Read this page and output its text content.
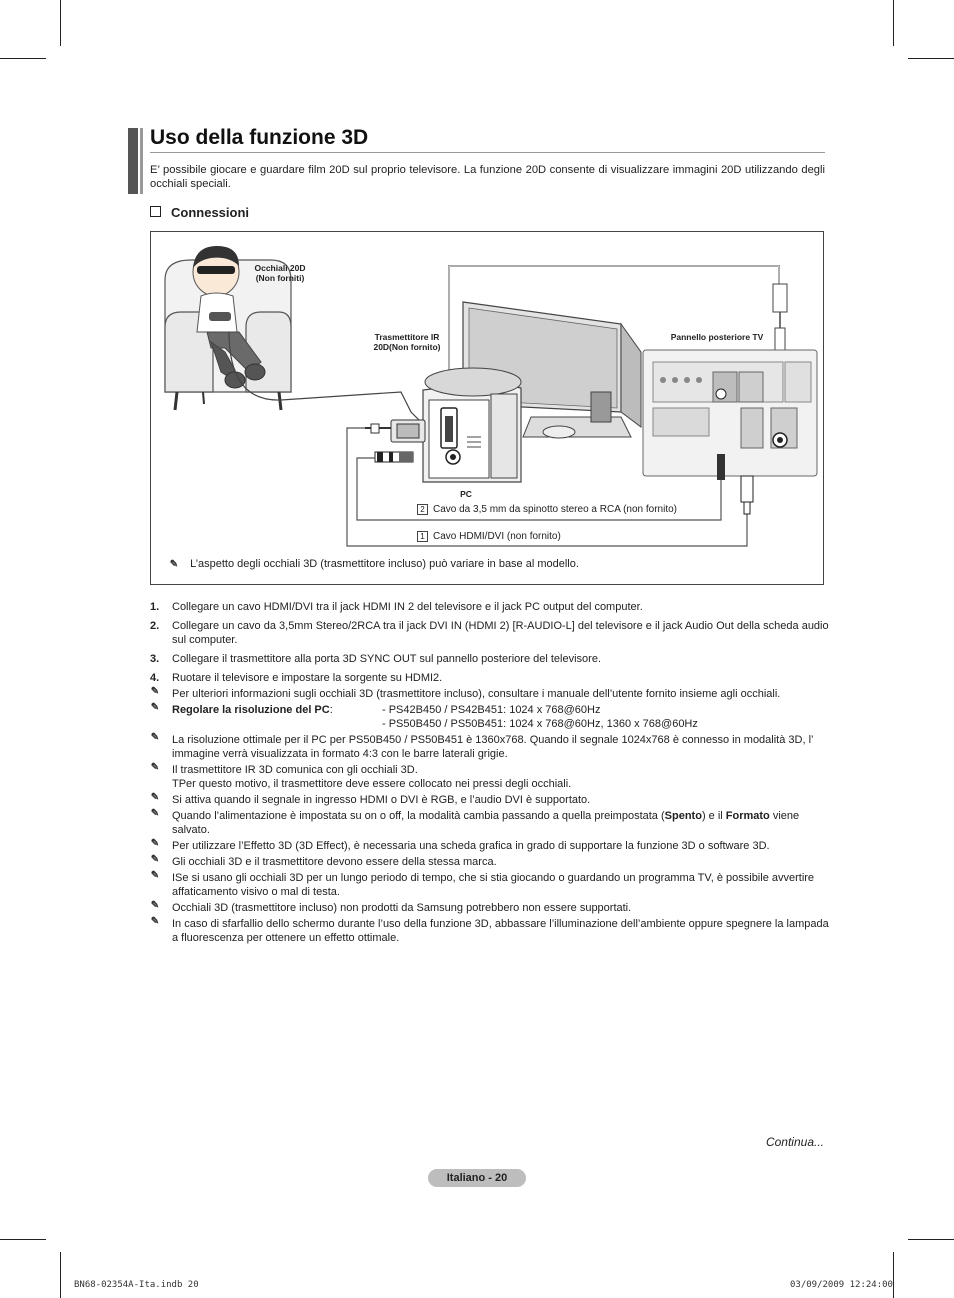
Uso della funzione 3D

E’ possibile giocare e guardare film 20D sul proprio televisore. La funzione 20D consente di visualizzare immagini 20D utilizzando degli occhiali speciali.

Connessioni
Occhiali 20D
(Non forniti)
Trasmettitore IR
20D(Non fornito)
Pannello posteriore TV
PC
2 Cavo da 3,5 mm da spinotto stereo a RCA (non fornito)
1 Cavo HDMI/DVI (non fornito)
✎ L’aspetto degli occhiali 3D (trasmettitore incluso) può variare in base al modello.

1. Collegare un cavo HDMI/DVI tra il jack HDMI IN 2 del televisore e il jack PC output del computer.

2. Collegare un cavo da 3,5mm Stereo/2RCA tra il jack DVI IN (HDMI 2) [R-AUDIO-L] del televisore e il jack Audio Out della scheda audio sul computer.

3. Collegare il trasmettitore alla porta 3D SYNC OUT sul pannello posteriore del televisore.

4. Ruotare il televisore e impostare la sorgente su HDMI2.

✎ Per ulteriori informazioni sugli occhiali 3D (trasmettitore incluso), consultare i manuale dell’utente fornito insieme agli occhiali.

✎ Regolare la risoluzione del PC:	- PS42B450 / PS42B451: 1024 x 768@60Hz
- PS50B450 / PS50B451: 1024 x 768@60Hz, 1360 x 768@60Hz

✎ La risoluzione ottimale per il PC per PS50B450 / PS50B451 è 1360x768. Quando il segnale 1024x768 è connesso in modalità 3D, l’ immagine verrà visualizzata in formato 4:3 con le barre laterali grigie.

✎ Il trasmettitore IR 3D comunica con gli occhiali 3D.
TPer questo motivo, il trasmettitore deve essere collocato nei pressi degli occhiali.

✎ Si attiva quando il segnale in ingresso HDMI o DVI è RGB, e l’audio DVI è supportato.

✎ Quando l’alimentazione è impostata su on o off, la modalità cambia passando a quella preimpostata (Spento) e il Formato viene salvato.

✎ Per utilizzare l’Effetto 3D (3D Effect), è necessaria una scheda grafica in grado di supportare la funzione 3D o software 3D.

✎ Gli occhiali 3D e il trasmettitore devono essere della stessa marca.

✎ ISe si usano gli occhiali 3D per un lungo periodo di tempo, che si stia giocando o guardando un programma TV, è possibile avvertire affaticamento visivo o mal di testa.

✎ Occhiali 3D (trasmettitore incluso) non prodotti da Samsung potrebbero non essere supportati.

✎ In caso di sfarfallio dello schermo durante l’uso della funzione 3D, abbassare l’illuminazione dell’ambiente oppure spegnere la lampada a fluorescenza per ottenere un effetto ottimale.

Continua...
Italiano - 20
BN68-02354A-Ita.indb 20	03/09/2009 12:24:00
